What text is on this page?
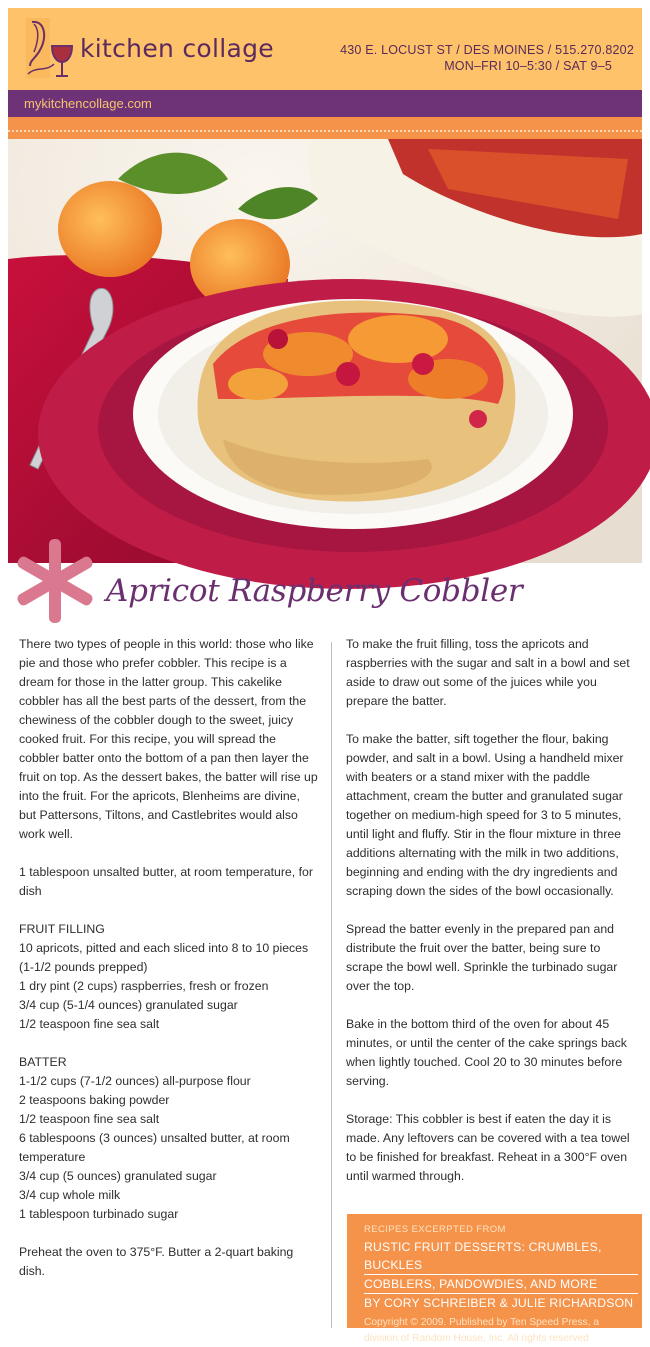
kitchen collage	430 E. LOCUST ST / DES MOINES / 515.270.8202
MON–FRI 10–5:30 / SAT 9–5
mykitchencollage.com
Apricot Raspberry Cobbler

There two types of people in this world: those who like pie and those who prefer cobbler. This recipe is a dream for those in the latter group. This cakelike cobbler has all the best parts of the dessert, from the chewiness of the cobbler dough to the sweet, juicy cooked fruit. For this recipe, you will spread the cobbler batter onto the bottom of a pan then layer the fruit on top. As the dessert bakes, the batter will rise up into the fruit. For the apricots, Blenheims are divine, but Pattersons, Tiltons, and Castlebrites would also work well.

1 tablespoon unsalted butter, at room temperature, for dish

FRUIT FILLING
10 apricots, pitted and each sliced into 8 to 10 pieces (1-1/2 pounds prepped)
1 dry pint (2 cups) raspberries, fresh or frozen
3/4 cup (5-1/4 ounces) granulated sugar
1/2 teaspoon fine sea salt
BATTER
1-1/2 cups (7-1/2 ounces) all-purpose flour
2 teaspoons baking powder
1/2 teaspoon fine sea salt
6 tablespoons (3 ounces) unsalted butter, at room temperature
3/4 cup (5 ounces) granulated sugar
3/4 cup whole milk
1 tablespoon turbinado sugar

Preheat the oven to 375°F. Butter a 2-quart baking dish.

To make the fruit filling, toss the apricots and raspberries with the sugar and salt in a bowl and set aside to draw out some of the juices while you prepare the batter.

To make the batter, sift together the flour, baking powder, and salt in a bowl. Using a handheld mixer with beaters or a stand mixer with the paddle attachment, cream the butter and granulated sugar together on medium-high speed for 3 to 5 minutes, until light and fluffy. Stir in the flour mixture in three additions alternating with the milk in two additions, beginning and ending with the dry ingredients and scraping down the sides of the bowl occasionally.

Spread the batter evenly in the prepared pan and distribute the fruit over the batter, being sure to scrape the bowl well. Sprinkle the turbinado sugar over the top.

Bake in the bottom third of the oven for about 45 minutes, or until the center of the cake springs back when lightly touched. Cool 20 to 30 minutes before serving.

Storage: This cobbler is best if eaten the day it is made. Any leftovers can be covered with a tea towel to be finished for breakfast. Reheat in a 300°F oven until warmed through.

RECIPES EXCERPTED FROM
RUSTIC FRUIT DESSERTS: CRUMBLES, BUCKLES
COBBLERS, PANDOWDIES, AND MORE
BY CORY SCHREIBER & JULIE RICHARDSON
Copyright © 2009. Published by Ten Speed Press, a
division of Random House, Inc. All rights reserved
